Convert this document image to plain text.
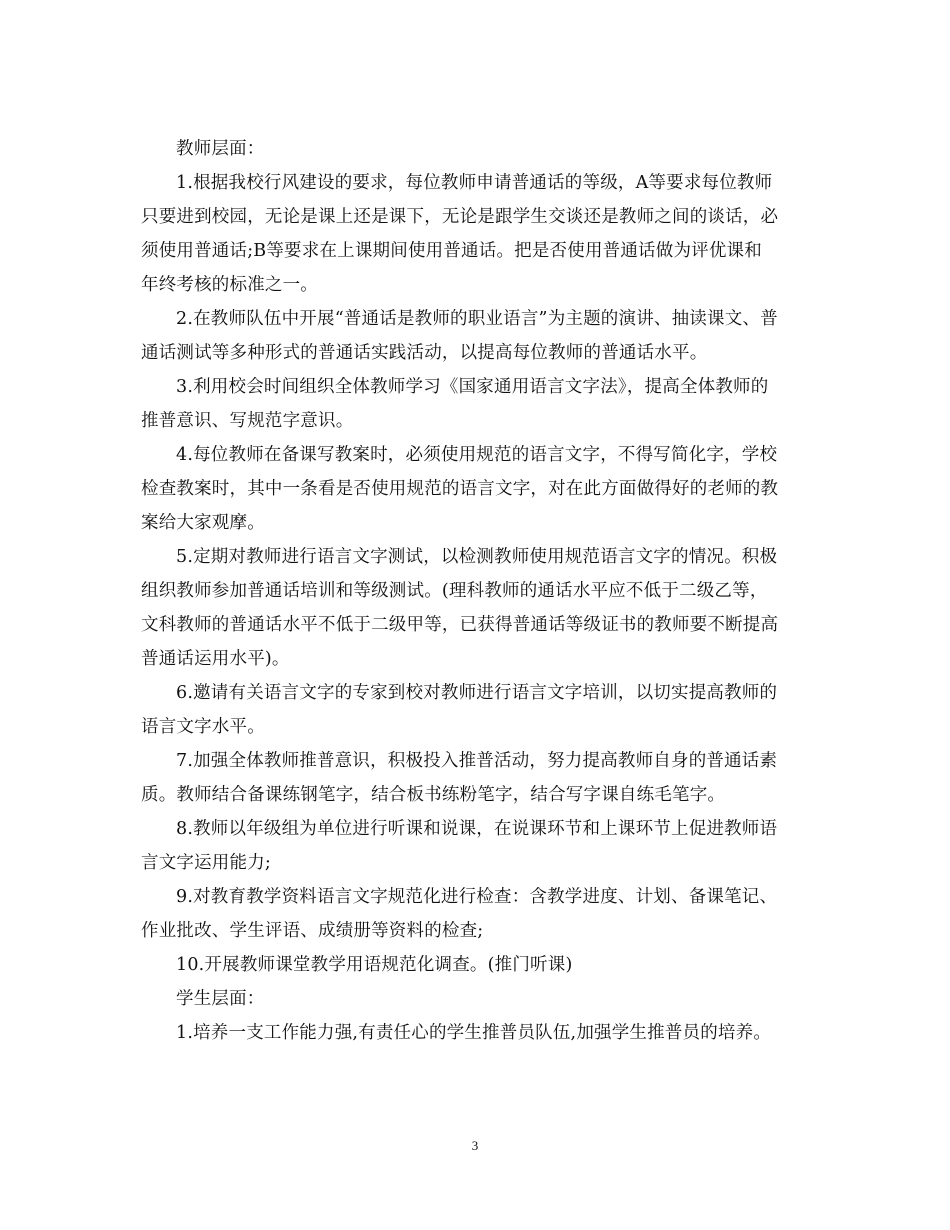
教师层面：
1.根据我校行风建设的要求，每位教师申请普通话的等级，A等要求每位教师
只要进到校园，无论是课上还是课下，无论是跟学生交谈还是教师之间的谈话，必
须使用普通话;B等要求在上课期间使用普通话。把是否使用普通话做为评优课和
年终考核的标准之一。
2.在教师队伍中开展“普通话是教师的职业语言”为主题的演讲、抽读课文、普
通话测试等多种形式的普通话实践活动，以提高每位教师的普通话水平。
3.利用校会时间组织全体教师学习《国家通用语言文字法》，提高全体教师的
推普意识、写规范字意识。
4.每位教师在备课写教案时，必须使用规范的语言文字，不得写简化字，学校
检查教案时，其中一条看是否使用规范的语言文字，对在此方面做得好的老师的教
案给大家观摩。
5.定期对教师进行语言文字测试，以检测教师使用规范语言文字的情况。积极
组织教师参加普通话培训和等级测试。(理科教师的通话水平应不低于二级乙等，
文科教师的普通话水平不低于二级甲等，已获得普通话等级证书的教师要不断提高
普通话运用水平)。
6.邀请有关语言文字的专家到校对教师进行语言文字培训，以切实提高教师的
语言文字水平。
7.加强全体教师推普意识，积极投入推普活动，努力提高教师自身的普通话素
质。教师结合备课练钢笔字，结合板书练粉笔字，结合写字课自练毛笔字。
8.教师以年级组为单位进行听课和说课，在说课环节和上课环节上促进教师语
言文字运用能力;
9.对教育教学资料语言文字规范化进行检查：含教学进度、计划、备课笔记、
作业批改、学生评语、成绩册等资料的检查;
10.开展教师课堂教学用语规范化调查。(推门听课)
学生层面：
1.培养一支工作能力强,有责任心的学生推普员队伍,加强学生推普员的培养。
3
